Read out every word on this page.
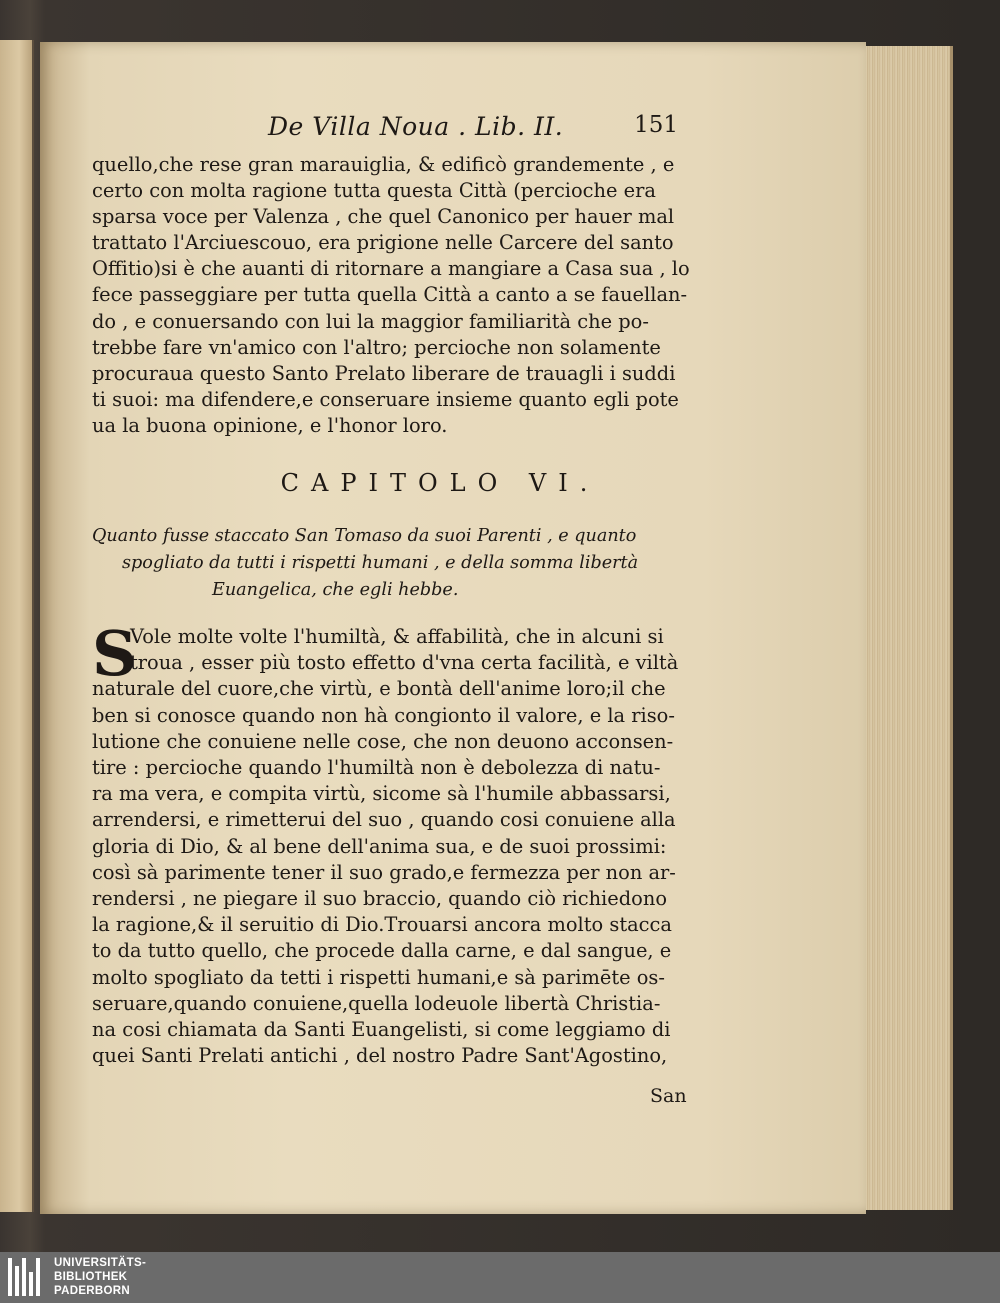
De Villa Noua . Lib. II.	151

quello,che rese gran marauiglia, & edificò grandemente , e
certo con molta ragione tutta questa Città (percioche era
sparsa voce per Valenza , che quel Canonico per hauer mal
trattato l'Arciuescouo, era prigione nelle Carcere del santo
Offitio)si è che auanti di ritornare a mangiare a Casa sua , lo
fece passeggiare per tutta quella Città a canto a se fauellan-
do , e conuersando con lui la maggior familiarità che po-
trebbe fare vn'amico con l'altro; percioche non solamente
procuraua questo Santo Prelato liberare de trauagli i suddi
ti suoi: ma difendere,e conseruare insieme quanto egli pote
ua la buona opinione, e l'honor loro.

CAPITOLO VI.
Quanto fusse staccato San Tomaso da suoi Parenti , e quanto
spogliato da tutti i rispetti humani , e della somma libertà
Euangelica, che egli hebbe.
S
Vole molte volte l'humiltà, & affabilità, che in alcuni si
troua , esser più tosto effetto d'vna certa facilità, e viltà
naturale del cuore,che virtù, e bontà dell'anime loro;il che
ben si conosce quando non hà congionto il valore, e la riso-
lutione che conuiene nelle cose, che non deuono acconsen-
tire : percioche quando l'humiltà non è debolezza di natu-
ra ma vera, e compita virtù, sicome sà l'humile abbassarsi,
arrendersi, e rimetterui del suo , quando cosi conuiene alla
gloria di Dio, & al bene dell'anima sua, e de suoi prossimi:
così sà parimente tener il suo grado,e fermezza per non ar-
rendersi , ne piegare il suo braccio, quando ciò richiedono
la ragione,& il seruitio di Dio.Trouarsi ancora molto stacca
to da tutto quello, che procede dalla carne, e dal sangue, e
molto spogliato da tetti i rispetti humani,e sà parimēte os-
seruare,quando conuiene,quella lodeuole libertà Christia-
na cosi chiamata da Santi Euangelisti, si come leggiamo di
quei Santi Prelati antichi , del nostro Padre Sant'Agostino,
San
UNIVERSITÄTS-
BIBLIOTHEK
PADERBORN
